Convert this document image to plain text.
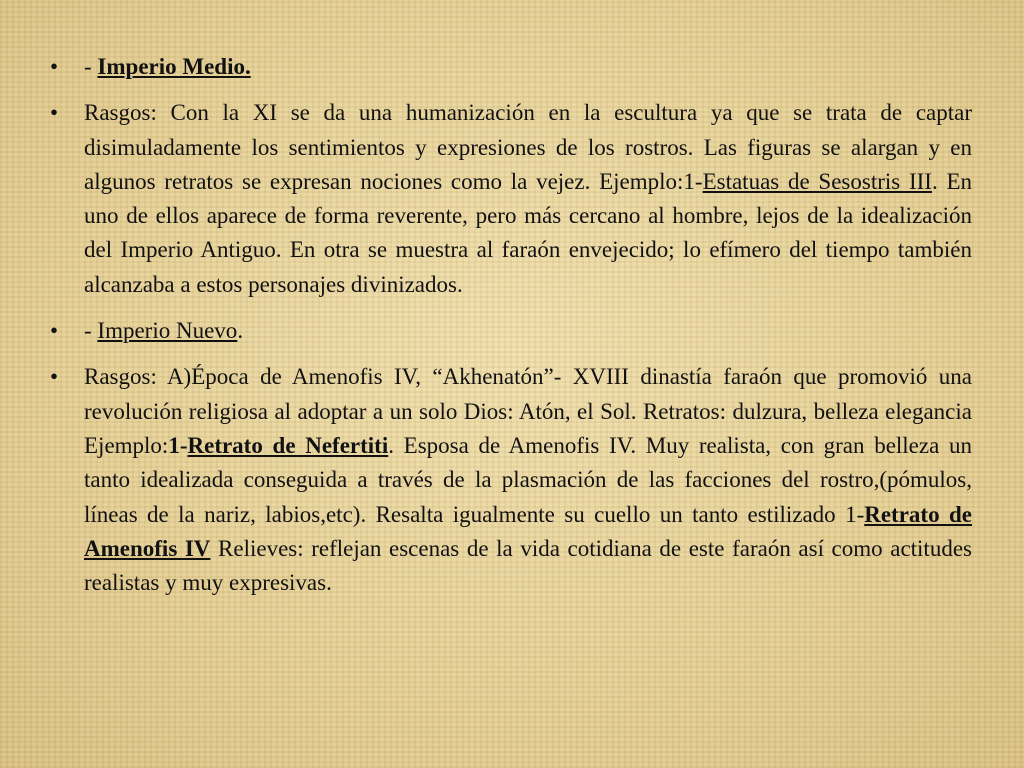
• - Imperio Medio.
• Rasgos: Con la XI se da una humanización en la escultura ya que se trata de captar disimuladamente los sentimientos y expresiones de los rostros. Las figuras se alargan y en algunos retratos se expresan nociones como la vejez. Ejemplo:1-Estatuas de Sesostris III. En uno de ellos aparece de forma reverente, pero más cercano al hombre, lejos de la idealización del Imperio Antiguo. En otra se muestra al faraón envejecido; lo efímero del tiempo también alcanzaba a estos personajes divinizados.
• - Imperio Nuevo.
• Rasgos: A)Época de Amenofis IV, “Akhenatón”- XVIII dinastía faraón que promovió una revolución religiosa al adoptar a un solo Dios: Atón, el Sol. Retratos: dulzura, belleza elegancia Ejemplo:1-Retrato de Nefertiti. Esposa de Amenofis IV. Muy realista, con gran belleza un tanto idealizada conseguida a través de la plasmación de las facciones del rostro,(pómulos, líneas de la nariz, labios,etc). Resalta igualmente su cuello un tanto estilizado 1-Retrato de Amenofis IV Relieves: reflejan escenas de la vida cotidiana de este faraón así como actitudes realistas y muy expresivas.
